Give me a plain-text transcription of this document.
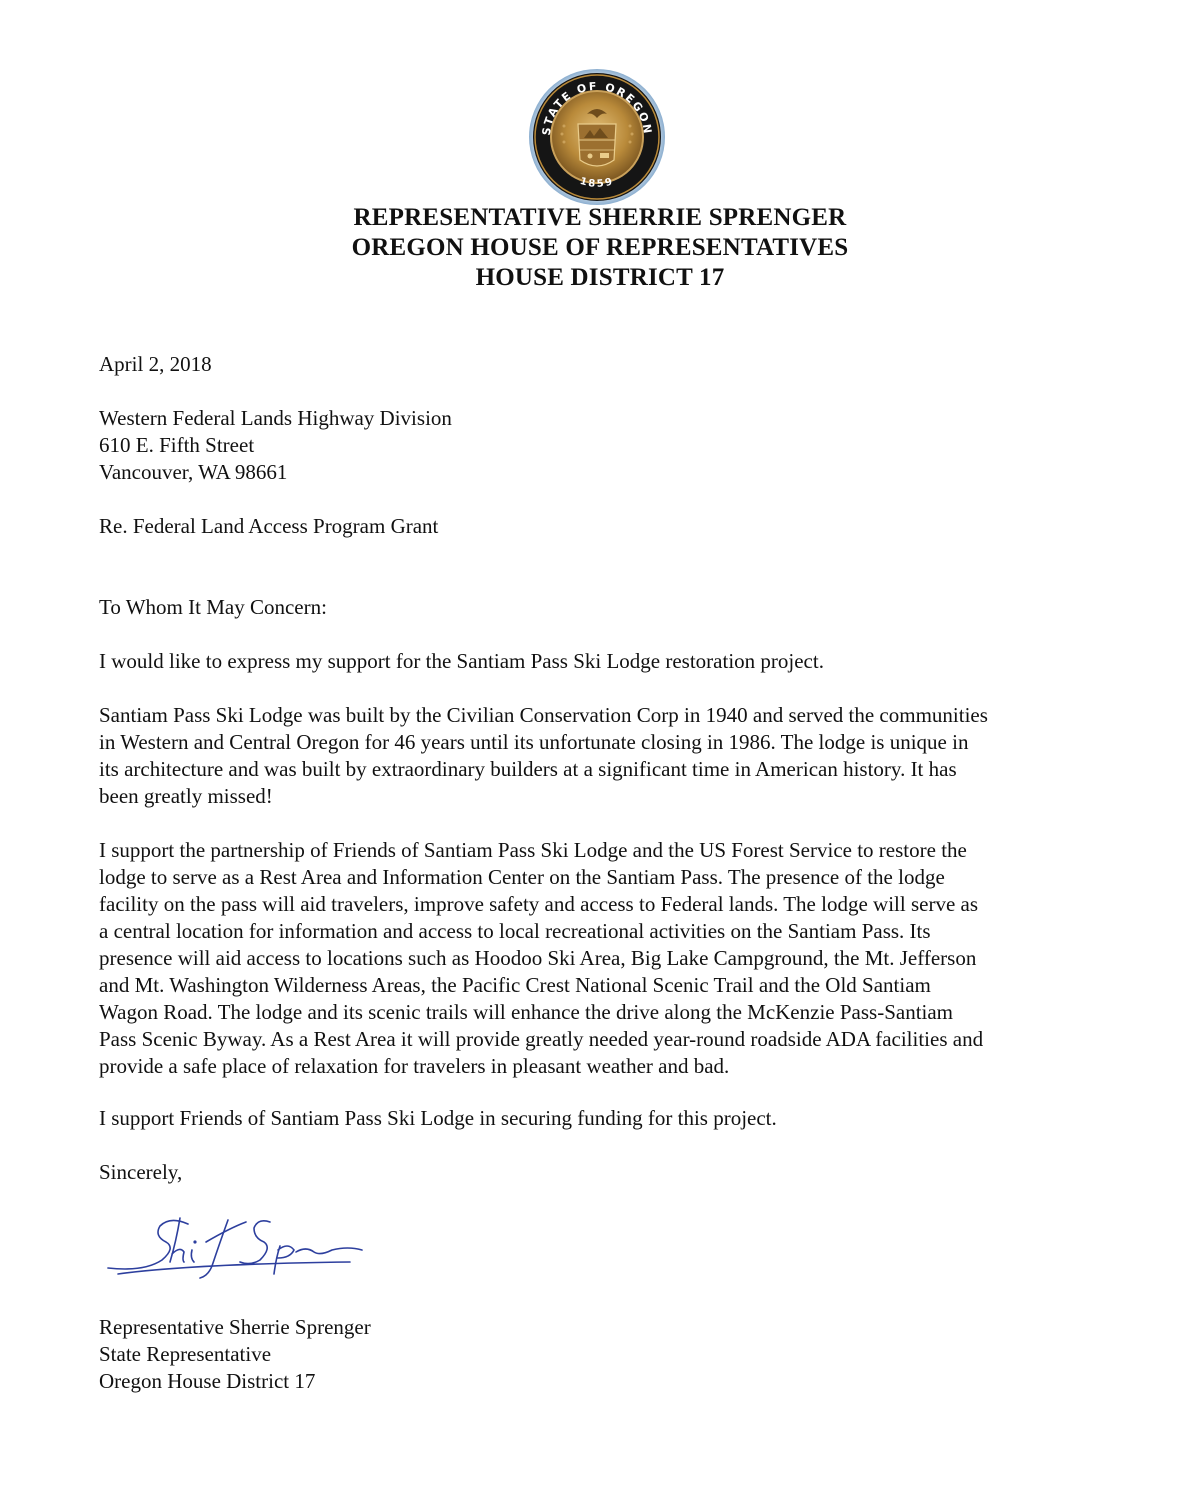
STATE OF OREGON
1859
REPRESENTATIVE SHERRIE SPRENGER
OREGON HOUSE OF REPRESENTATIVES
HOUSE DISTRICT 17
April 2, 2018
Western Federal Lands Highway Division
610 E. Fifth Street
Vancouver, WA 98661
Re. Federal Land Access Program Grant
To Whom It May Concern:
I would like to express my support for the Santiam Pass Ski Lodge restoration project.
Santiam Pass Ski Lodge was built by the Civilian Conservation Corp in 1940 and served the communities
in Western and Central Oregon for 46 years until its unfortunate closing in 1986. The lodge is unique in
its architecture and was built by extraordinary builders at a significant time in American history. It has
been greatly missed!
I support the partnership of Friends of Santiam Pass Ski Lodge and the US Forest Service to restore the
lodge to serve as a Rest Area and Information Center on the Santiam Pass. The presence of the lodge
facility on the pass will aid travelers, improve safety and access to Federal lands. The lodge will serve as
a central location for information and access to local recreational activities on the Santiam Pass. Its
presence will aid access to locations such as Hoodoo Ski Area, Big Lake Campground, the Mt. Jefferson
and Mt. Washington Wilderness Areas, the Pacific Crest National Scenic Trail and the Old Santiam
Wagon Road. The lodge and its scenic trails will enhance the drive along the McKenzie Pass-Santiam
Pass Scenic Byway. As a Rest Area it will provide greatly needed year-round roadside ADA facilities and
provide a safe place of relaxation for travelers in pleasant weather and bad.
I support Friends of Santiam Pass Ski Lodge in securing funding for this project.
Sincerely,
Representative Sherrie Sprenger
State Representative
Oregon House District 17
